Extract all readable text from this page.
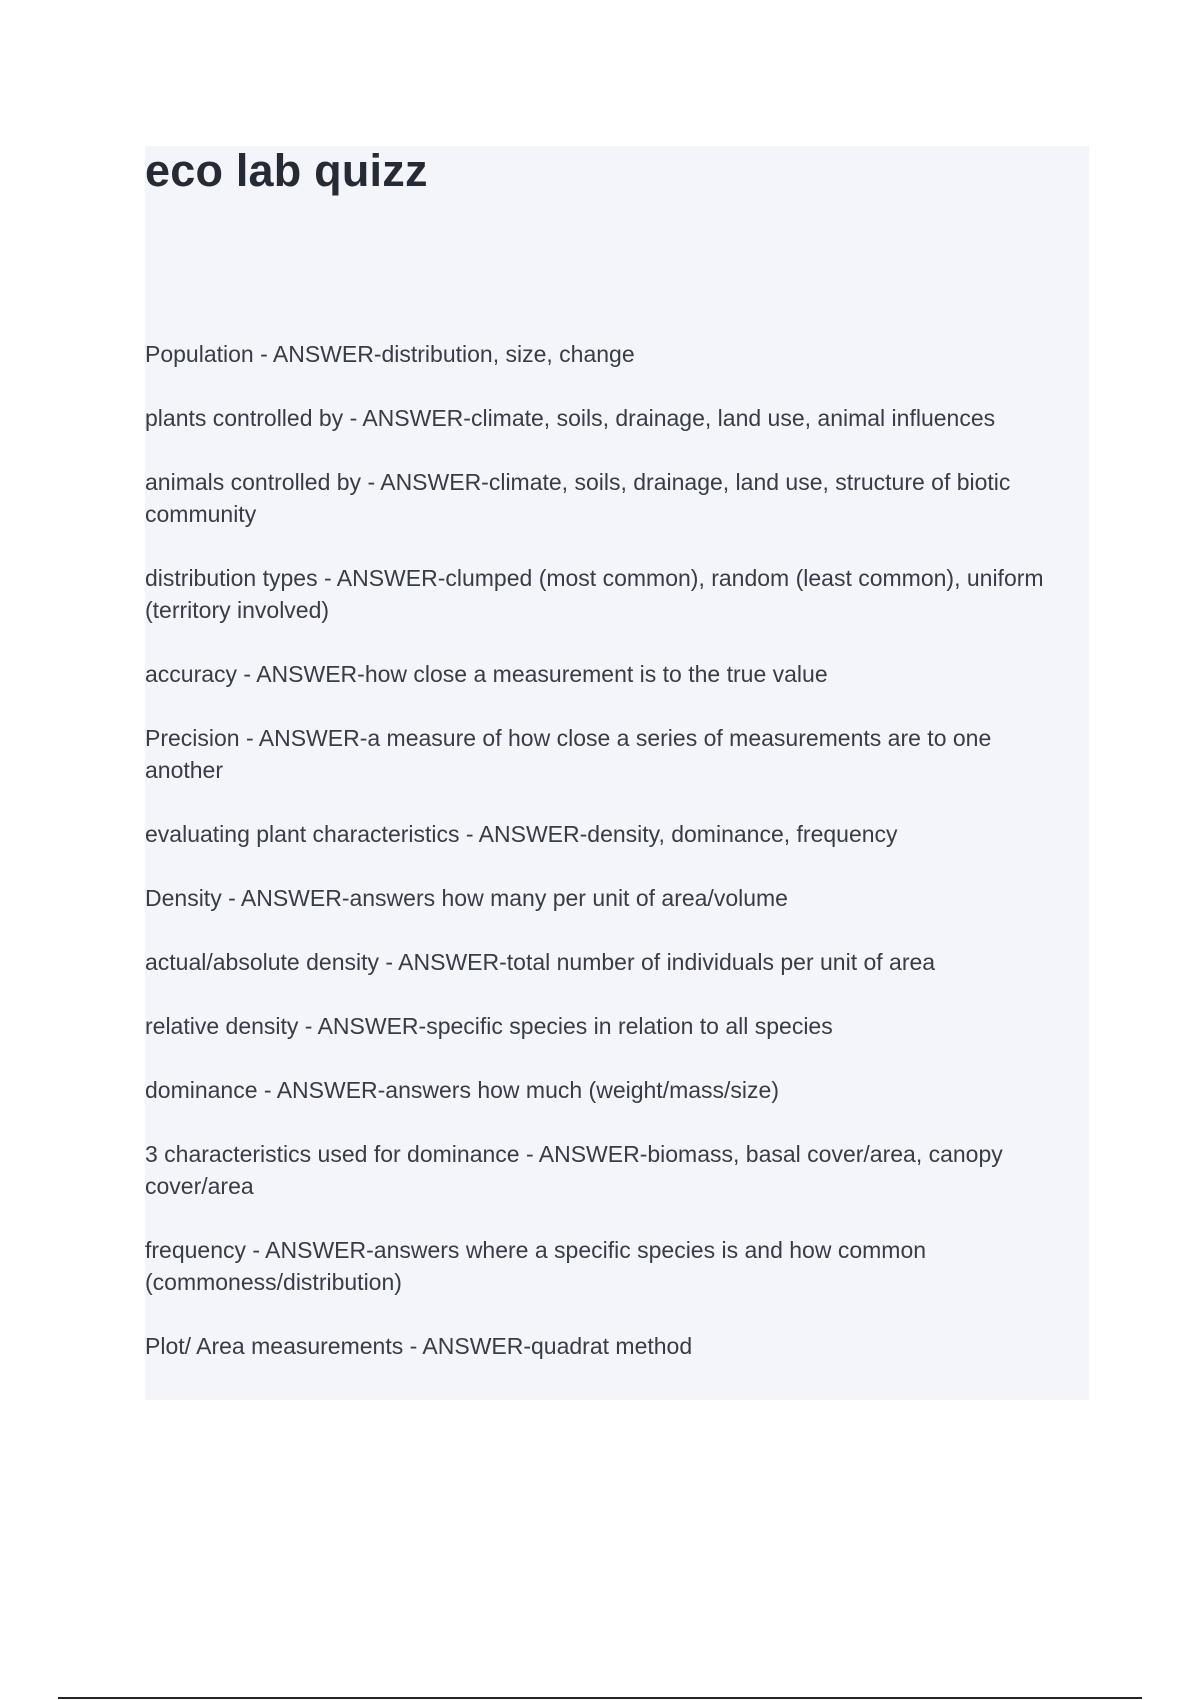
eco lab quizz

Population - ANSWER-distribution, size, change

plants controlled by - ANSWER-climate, soils, drainage, land use, animal influences

animals controlled by - ANSWER-climate, soils, drainage, land use, structure of biotic community

distribution types - ANSWER-clumped (most common), random (least common), uniform (territory involved)

accuracy - ANSWER-how close a measurement is to the true value

Precision - ANSWER-a measure of how close a series of measurements are to one another

evaluating plant characteristics - ANSWER-density, dominance, frequency

Density - ANSWER-answers how many per unit of area/volume

actual/absolute density - ANSWER-total number of individuals per unit of area

relative density - ANSWER-specific species in relation to all species

dominance - ANSWER-answers how much (weight/mass/size)

3 characteristics used for dominance - ANSWER-biomass, basal cover/area, canopy cover/area

frequency - ANSWER-answers where a specific species is and how common (commoness/distribution)

Plot/ Area measurements - ANSWER-quadrat method
